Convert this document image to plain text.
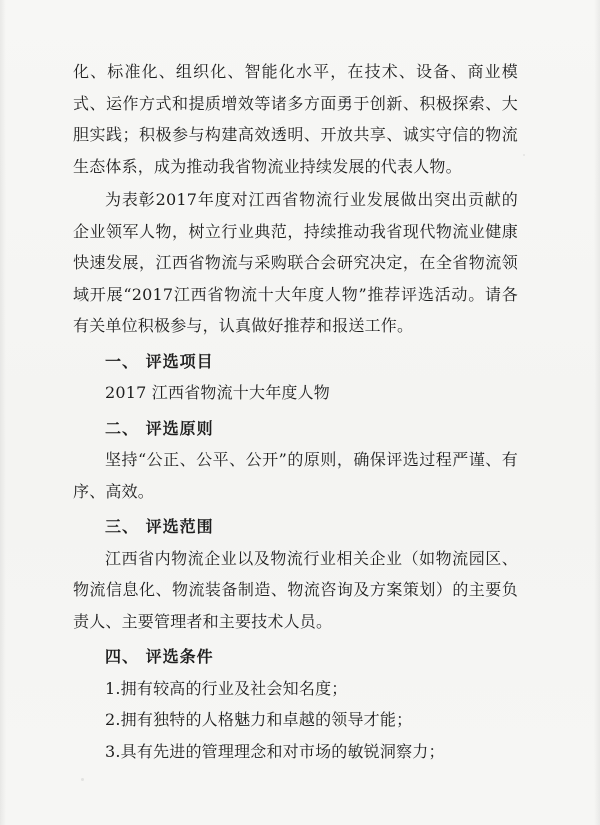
化、标准化、组织化、智能化水平，在技术、设备、商业模式、运作方式和提质增效等诸多方面勇于创新、积极探索、大胆实践；积极参与构建高效透明、开放共享、诚实守信的物流生态体系，成为推动我省物流业持续发展的代表人物。

为表彰2017年度对江西省物流行业发展做出突出贡献的企业领军人物，树立行业典范，持续推动我省现代物流业健康快速发展，江西省物流与采购联合会研究决定，在全省物流领域开展“2017江西省物流十大年度人物”推荐评选活动。请各有关单位积极参与，认真做好推荐和报送工作。

一、 评选项目

2017 江西省物流十大年度人物

二、 评选原则

坚持“公正、公平、公开”的原则，确保评选过程严谨、有序、高效。

三、 评选范围

江西省内物流企业以及物流行业相关企业（如物流园区、物流信息化、物流装备制造、物流咨询及方案策划）的主要负责人、主要管理者和主要技术人员。

四、 评选条件

1.拥有较高的行业及社会知名度；

2.拥有独特的人格魅力和卓越的领导才能；

3.具有先进的管理理念和对市场的敏锐洞察力；
